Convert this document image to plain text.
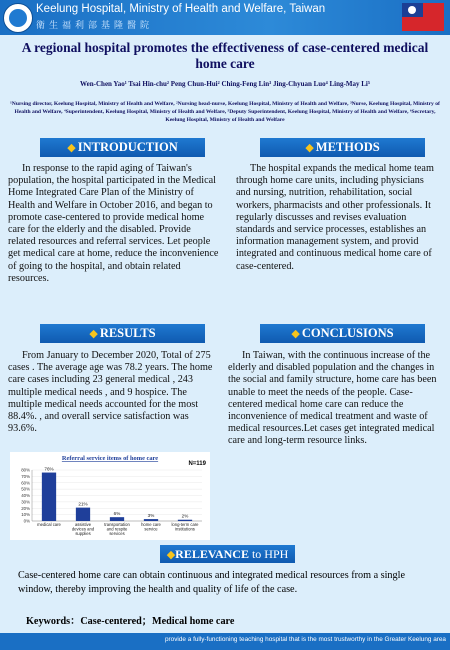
Keelung Hospital, Ministry of Health and Welfare, Taiwan
衛生福利部基隆醫院
A regional hospital promotes the effectiveness of case-centered medical home care
Wen-Chen Yao¹ Tsai Hin-chu² Peng Chun-Hui² Ching-Feng Lin³ Jing-Chyuan Luo⁴ Ling-May Li⁵
¹Nursing director, Keelung Hospital, Ministry of Health and Welfare, ²Nursing head-nurse, Keelung Hospital, Ministry of Health and Welfare, ³Nurse, Keelung Hospital, Ministry of Health and Welfare, ⁴Superintendent, Keelung Hospital, Ministry of Health and Welfare, ⁵Deputy Superintendent, Keelung Hospital, Ministry of Health and Welfare, ⁶Secretary, Keelung Hospital, Ministry of Health and Welfare
◆ INTRODUCTION	◆ METHODS
In response to the rapid aging of Taiwan's population, the hospital participated in the Medical Home Integrated Care Plan of the Ministry of Health and Welfare in October 2016, and began to promote case-centered to provide medical home care for the elderly and the disabled. Provide related resources and referral services. Let people get medical care at home, reduce the inconvenience of going to the hospital, and obtain related resources.
The hospital expands the medical home team through home care units, including physicians and nursing, nutrition, rehabilitation, social workers, pharmacists and other professionals. It regularly discusses and revises evaluation standards and service processes, establishes an information management system, and provid integrated and continuous medical home care of case-centered.
◆ RESULTS	◆ CONCLUSIONS
From January to December 2020, Total of 275 cases . The average age was 78.2 years. The home care cases including 23 general medical , 243 multiple medical needs , and 9 hospice. The multiple medical needs accounted for the most 88.4%. , and overall service satisfaction was 93.6%.
In Taiwan, with the continuous increase of the elderly and disabled population and the changes in the social and family structure, home care has been unable to meet the needs of the people. Case-centered medical home care can reduce the inconvenience of medical treatment and waste of medical resources.Let cases get integrated medical care and long-term resource links.
Referral service items of home care
N=119
0%
10%
20%
30%
40%
50%
60%
70%
80%	76%
medical care
21%
assistive devices and supplies
6%
transportation and respite services
3%
home care service
2%
long-term care institutions
◆RELEVANCE to HPH
Case-centered home care can obtain continuous and integrated medical resources from a single window, thereby improving the health and quality of life of the case.
Keywords：Case-centered；Medical home care
provide a fully-functioning teaching hospital that is the most trustworthy in the Greater Keelung area
